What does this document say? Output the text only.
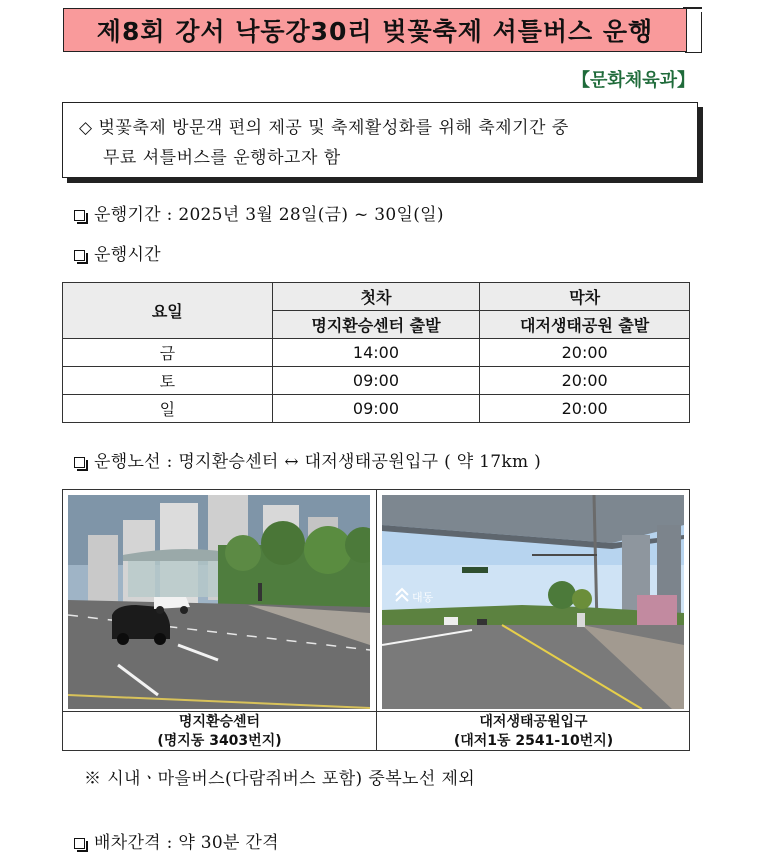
제8회 강서 낙동강30리 벚꽃축제 셔틀버스 운행
【문화체육과】
◇ 벚꽃축제 방문객 편의 제공 및 축제활성화를 위해 축제기간 중
무료 셔틀버스를 운행하고자 함
운행기간 : 2025년 3월 28일(금) ~ 30일(일)
운행시간
요일	첫차	막차
	명지환승센터 출발	대저생태공원 출발
금	14:00	20:00
토	09:00	20:00
일	09:00	20:00
운행노선 : 명지환승센터 ↔ 대저생태공원입구 ( 약 17km )
명지환승센터
(명지동 3403번지)
대동
대저생태공원입구
(대저1동 2541-10번지)
※ 시내ㆍ마을버스(다람쥐버스 포함) 중복노선 제외
배차간격 : 약 30분 간격
